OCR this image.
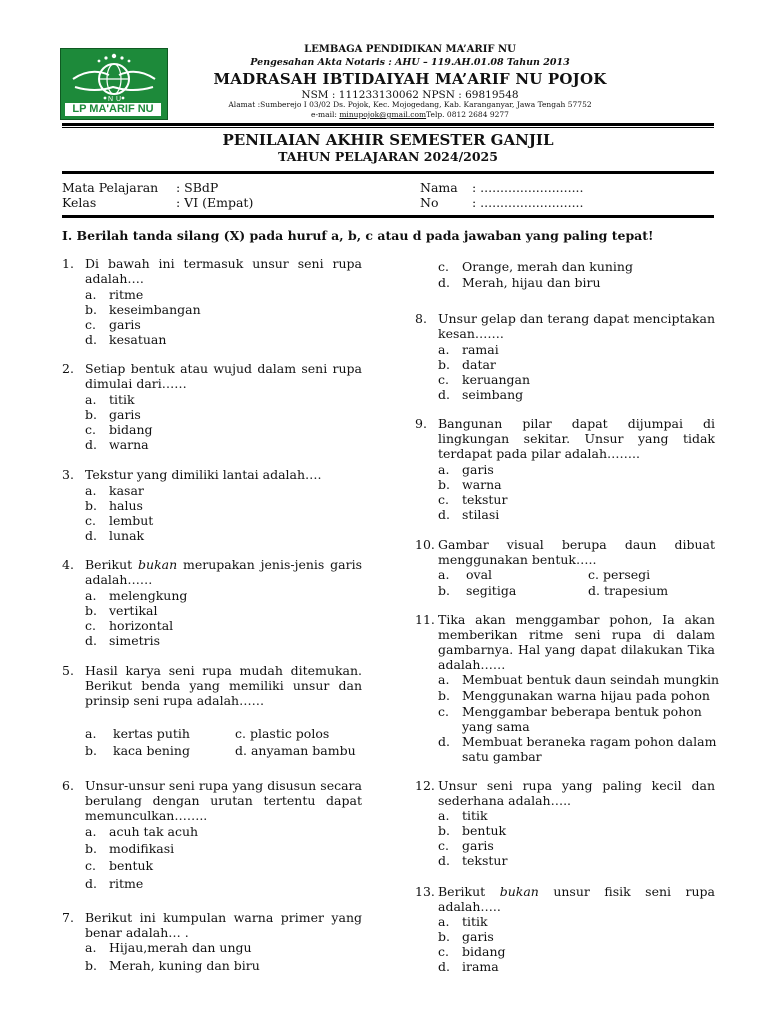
N U
LP MA'ARIF NU
LEMBAGA PENDIDIKAN MA’ARIF NU
Pengesahan Akta Notaris : AHU – 119.AH.01.08 Tahun 2013
MADRASAH IBTIDAIYAH MA’ARIF NU POJOK
NSM : 111233130062 NPSN : 69819548
Alamat :Sumberejo I 03/02 Ds. Pojok, Kec. Mojogedang, Kab. Karanganyar, Jawa Tengah 57752
e-mail: minupojok@gmail.comTelp. 0812 2684 9277
PENILAIAN AKHIR SEMESTER GANJIL
TAHUN PELAJARAN 2024/2025
Mata Pelajaran : SBdP
Kelas	: VI (Empat)
Nama : ..........................
No	: ..........................
I. Berilah tanda silang (X) pada huruf a, b, c atau d pada jawaban yang paling tepat!
1. Di bawah ini termasuk unsur seni rupa adalah….
a. ritme
b. keseimbangan
c. garis
d. kesatuan
2. Setiap bentuk atau wujud dalam seni rupa dimulai dari……
a. titik
b. garis
c. bidang
d. warna
3. Tekstur yang dimiliki lantai adalah….
a. kasar
b. halus
c. lembut
d. lunak
4. Berikut bukan merupakan jenis-jenis garis adalah……
a. melengkung
b. vertikal
c. horizontal
d. simetris
5. Hasil karya seni rupa mudah ditemukan. Berikut benda yang memiliki unsur dan prinsip seni rupa adalah……
a. kertas putih
b. kaca bening
c. plastic polos
d. anyaman bambu
6. Unsur-unsur seni rupa yang disusun secara berulang dengan urutan tertentu dapat memunculkan……..
a. acuh tak acuh
b. modifikasi
c. bentuk
d. ritme
7. Berikut ini kumpulan warna primer yang benar adalah… .
a. Hijau,merah dan ungu
b. Merah, kuning dan biru
c. Orange, merah dan kuning
d. Merah, hijau dan biru
8. Unsur gelap dan terang dapat menciptakan kesan…….
a. ramai
b. datar
c. keruangan
d. seimbang
9. Bangunan pilar dapat dijumpai di lingkungan sekitar. Unsur yang tidak terdapat pada pilar adalah……..
a. garis
b. warna
c. tekstur
d. stilasi
10. Gambar visual berupa daun dibuat menggunakan bentuk…..
a. oval
b. segitiga
c. persegi
d. trapesium
11. Tika akan menggambar pohon, Ia akan memberikan ritme seni rupa di dalam gambarnya. Hal yang dapat dilakukan Tika adalah……
a. Membuat bentuk daun seindah mungkin
b. Menggunakan warna hijau pada pohon
c. Menggambar beberapa bentuk pohon
yang sama
d. Membuat beraneka ragam pohon dalam
satu gambar
12. Unsur seni rupa yang paling kecil dan sederhana adalah…..
a. titik
b. bentuk
c. garis
d. tekstur
13. Berikut bukan unsur fisik seni rupa adalah…..
a. titik
b. garis
c. bidang
d. irama
